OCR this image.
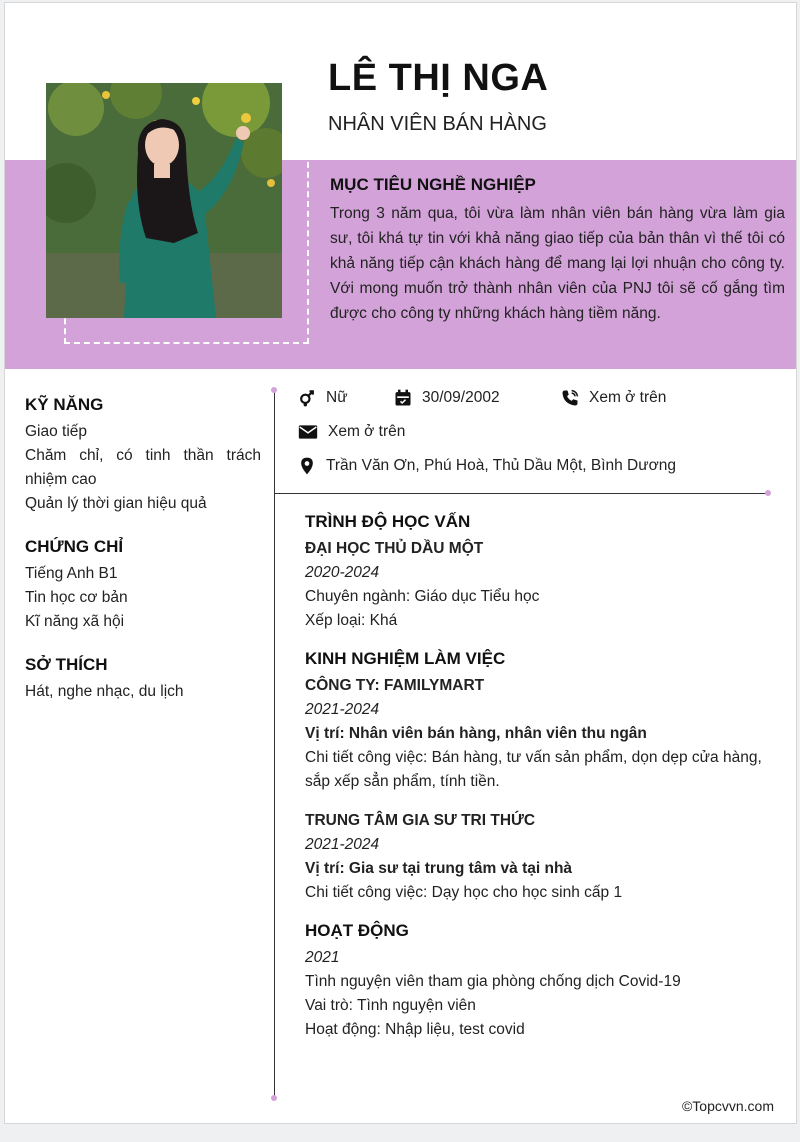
LÊ THỊ NGA
NHÂN VIÊN BÁN HÀNG
MỤC TIÊU NGHỀ NGHIỆP
Trong 3 năm qua, tôi vừa làm nhân viên bán hàng vừa làm gia sư, tôi khá tự tin với khả năng giao tiếp của bản thân vì thế tôi có khả năng tiếp cận khách hàng để mang lại lợi nhuận cho công ty. Với mong muốn trở thành nhân viên của PNJ tôi sẽ cố gắng tìm được cho công ty những khách hàng tiềm năng.
Nữ	30/09/2002	Xem ở trên
Xem ở trên
Trần Văn Ơn, Phú Hoà, Thủ Dầu Một, Bình Dương
KỸ NĂNG
Giao tiếp
Chăm chỉ, có tinh thần trách nhiệm cao
Quản lý thời gian hiệu quả
CHỨNG CHỈ
Tiếng Anh B1
Tin học cơ bản
Kĩ năng xã hội
SỞ THÍCH
Hát, nghe nhạc, du lịch
TRÌNH ĐỘ HỌC VẤN
ĐẠI HỌC THỦ DẦU MỘT
2020-2024
Chuyên ngành: Giáo dục Tiểu học
Xếp loại: Khá
KINH NGHIỆM LÀM VIỆC
CÔNG TY: FAMILYMART
2021-2024
Vị trí: Nhân viên bán hàng, nhân viên thu ngân
Chi tiết công việc: Bán hàng, tư vấn sản phẩm, dọn dẹp cửa hàng, sắp xếp sẳn phẩm, tính tiền.
TRUNG TÂM GIA SƯ TRI THỨC
2021-2024
Vị trí: Gia sư tại trung tâm và tại nhà
Chi tiết công việc: Dạy học cho học sinh cấp 1
HOẠT ĐỘNG
2021
Tình nguyện viên tham gia phòng chống dịch Covid-19
Vai trò: Tình nguyện viên
Hoạt động: Nhập liệu, test covid
©Topcvvn.com
